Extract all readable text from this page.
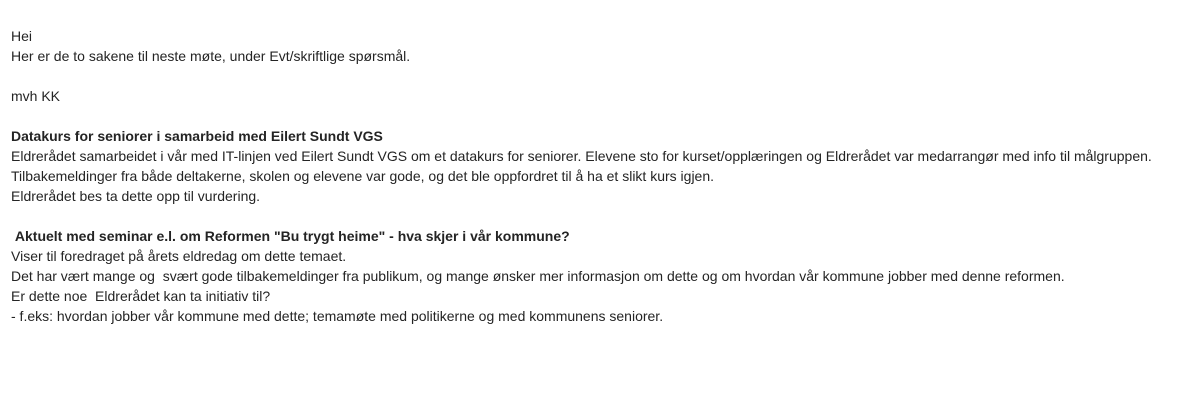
Hei
Her er de to sakene til neste møte, under Evt/skriftlige spørsmål.
mvh KK
Datakurs for seniorer i samarbeid med Eilert Sundt VGS
Eldrerådet samarbeidet i vår med IT-linjen ved Eilert Sundt VGS om et datakurs for seniorer. Elevene sto for kurset/opplæringen og Eldrerådet var medarrangør med info til målgruppen.
Tilbakemeldinger fra både deltakerne, skolen og elevene var gode, og det ble oppfordret til å ha et slikt kurs igjen.
Eldrerådet bes ta dette opp til vurdering.
Aktuelt med seminar e.l. om Reformen "Bu trygt heime" - hva skjer i vår kommune?
Viser til foredraget på årets eldredag om dette temaet.
Det har vært mange og  svært gode tilbakemeldinger fra publikum, og mange ønsker mer informasjon om dette og om hvordan vår kommune jobber med denne reformen.
Er dette noe  Eldrerådet kan ta initiativ til?
- f.eks: hvordan jobber vår kommune med dette; temamøte med politikerne og med kommunens seniorer.
